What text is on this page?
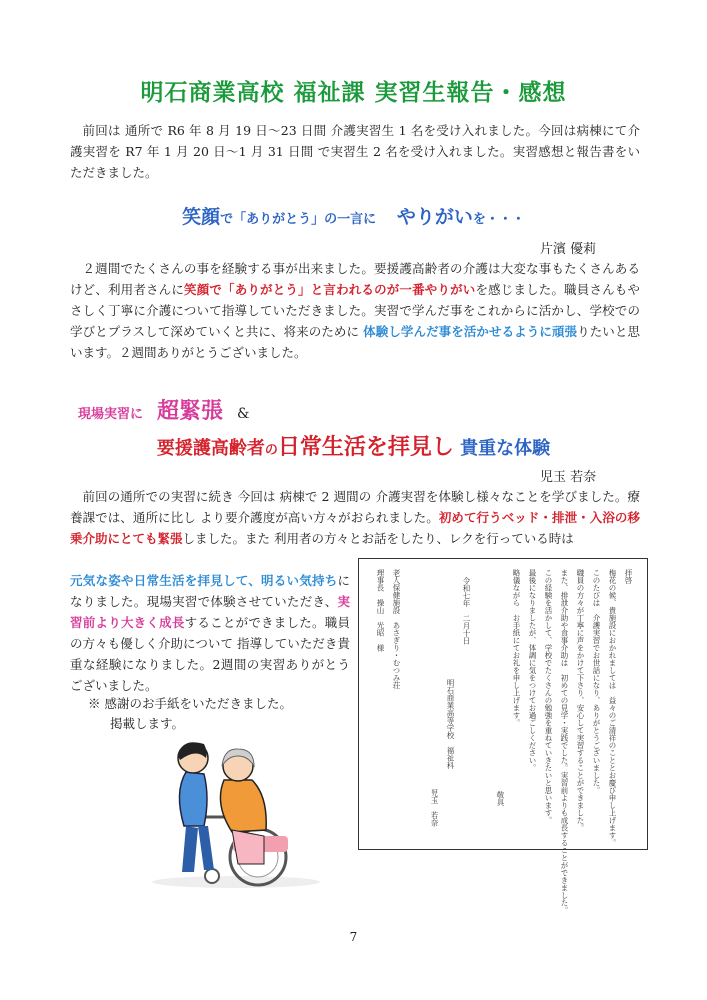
明石商業高校 福祉課 実習生報告・感想
前回は 通所で R6 年 8 月 19 日〜23 日間 介護実習生 1 名を受け入れました。今回は病棟にて介護実習を R7 年 1 月 20 日〜1 月 31 日間 で実習生 2 名を受け入れました。実習感想と報告書をいただきました。
笑顔で「ありがとう」の一言に やりがいを・・・
片濱 優莉
２週間でたくさんの事を経験する事が出来ました。要援護高齢者の介護は大変な事もたくさんあるけど、利用者さんに笑顔で「ありがとう」と言われるのが一番やりがいを感じました。職員さんもやさしく丁寧に介護について指導していただきました。実習で学んだ事をこれからに活かし、学校での学びとプラスして深めていくと共に、将来のために 体験し学んだ事を活かせるように頑張りたいと思います。２週間ありがとうございました。
現場実習に 超緊張 &
要援護高齢者の日常生活を拝見し 貴重な体験
児玉 若奈
前回の通所での実習に続き 今回は 病棟で 2 週間の 介護実習を体験し様々なことを学びました。療養課では、通所に比し より要介護度が高い方々がおられました。初めて行うベッド・排泄・入浴の移乗介助にとても緊張しました。また 利用者の方々とお話をしたり、レクを行っている時は
元気な姿や日常生活を拝見して、明るい気持ちになりました。現場実習で体験させていただき、実習前より大きく成長することができました。職員の方々も優しく介助について 指導していただき貴重な経験になりました。2週間の実習ありがとうございました。
※ 感謝のお手紙をいただきました。
掲載します。
拝啓
梅花の候、貴施設におかれましては　益々のご清祥のこととお慶び申し上げます。
このたびは　介護実習でお世話になり、ありがとうございました。
職員の方々が丁寧に声をかけて下さり、安心して実習することができました。
また、排泄介助や食事介助は　初めての見学・実践でした。実習前よりも成長することができました。
この経験を活かして、学校でたくさんの勉強を重ねていきたいと思います。
最後になりましたが、体調に気をつけてお過ごしください。
略儀ながら　お手紙にてお礼を申し上げます。
敬具
令和七年　二月十日
明石商業高等学校　福祉科
児玉　若奈
老人保健施設　あさぎり・むつみ荘
理事長　操山　光昭　様
7
